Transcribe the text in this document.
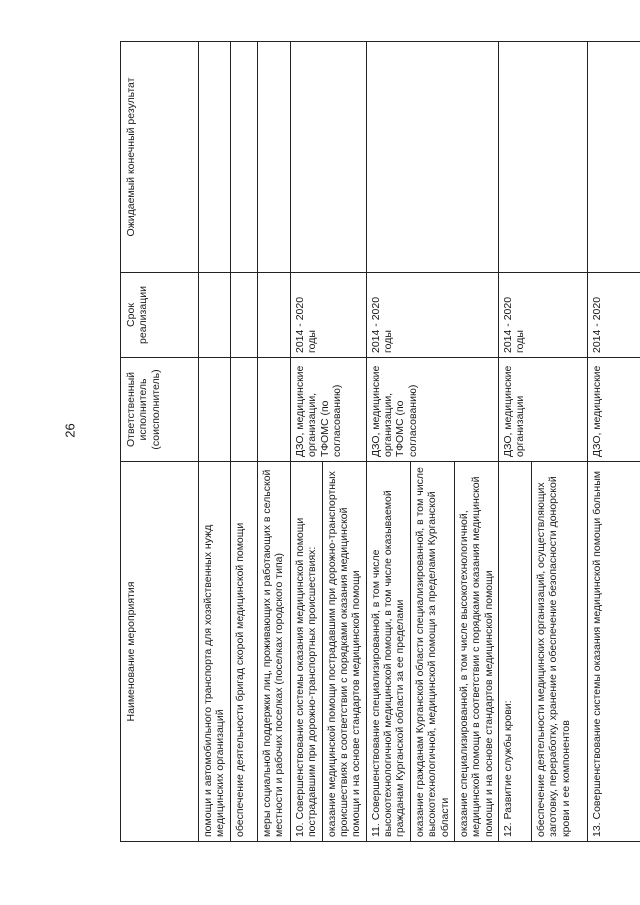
26
Наименование мероприятия	Ответственный исполнитель (соисполнитель)	Срок реализации	Ожидаемый конечный результат
помощи и автомобильного транспорта для хозяйственных нужд медицинских организаций			
обеспечение деятельности бригад скорой медицинской помощи			
меры социальной поддержки лиц, проживающих и работающих в сельской местности и рабочих поселках (поселках городского типа)			
10. Совершенствование системы оказания медицинской помощи пострадавшим при дорожно-транспортных происшествиях:	ДЗО, медицинские организации, ТФОМС (по согласованию)	2014 - 2020 годы	
оказание медицинской помощи пострадавшим при дорожно-транспортных происшествиях в соответствии с порядками оказания медицинской помощи и на основе стандартов медицинской помощи			
11. Совершенствование специализированной, в том числе высокотехнологичной медицинской помощи, в том числе оказываемой гражданам Курганской области за ее пределами	ДЗО, медицинские организации, ТФОМС (по согласованию)	2014 - 2020 годы	
оказание гражданам Курганской области специализированной, в том числе высокотехнологичной, медицинской помощи за пределами Курганской области			
оказание специализированной, в том числе высокотехнологичной, медицинской помощи в соответствии с порядками оказания медицинской помощи и на основе стандартов медицинской помощи			
12. Развитие службы крови:	ДЗО, медицинские организации	2014 - 2020 годы	
обеспечение деятельности медицинских организаций, осуществляющих заготовку, переработку, хранение и обеспечение безопасности донорской крови и ее компонентов			
13. Совершенствование системы оказания медицинской помощи больным	ДЗО, медицинские	2014 - 2020	
